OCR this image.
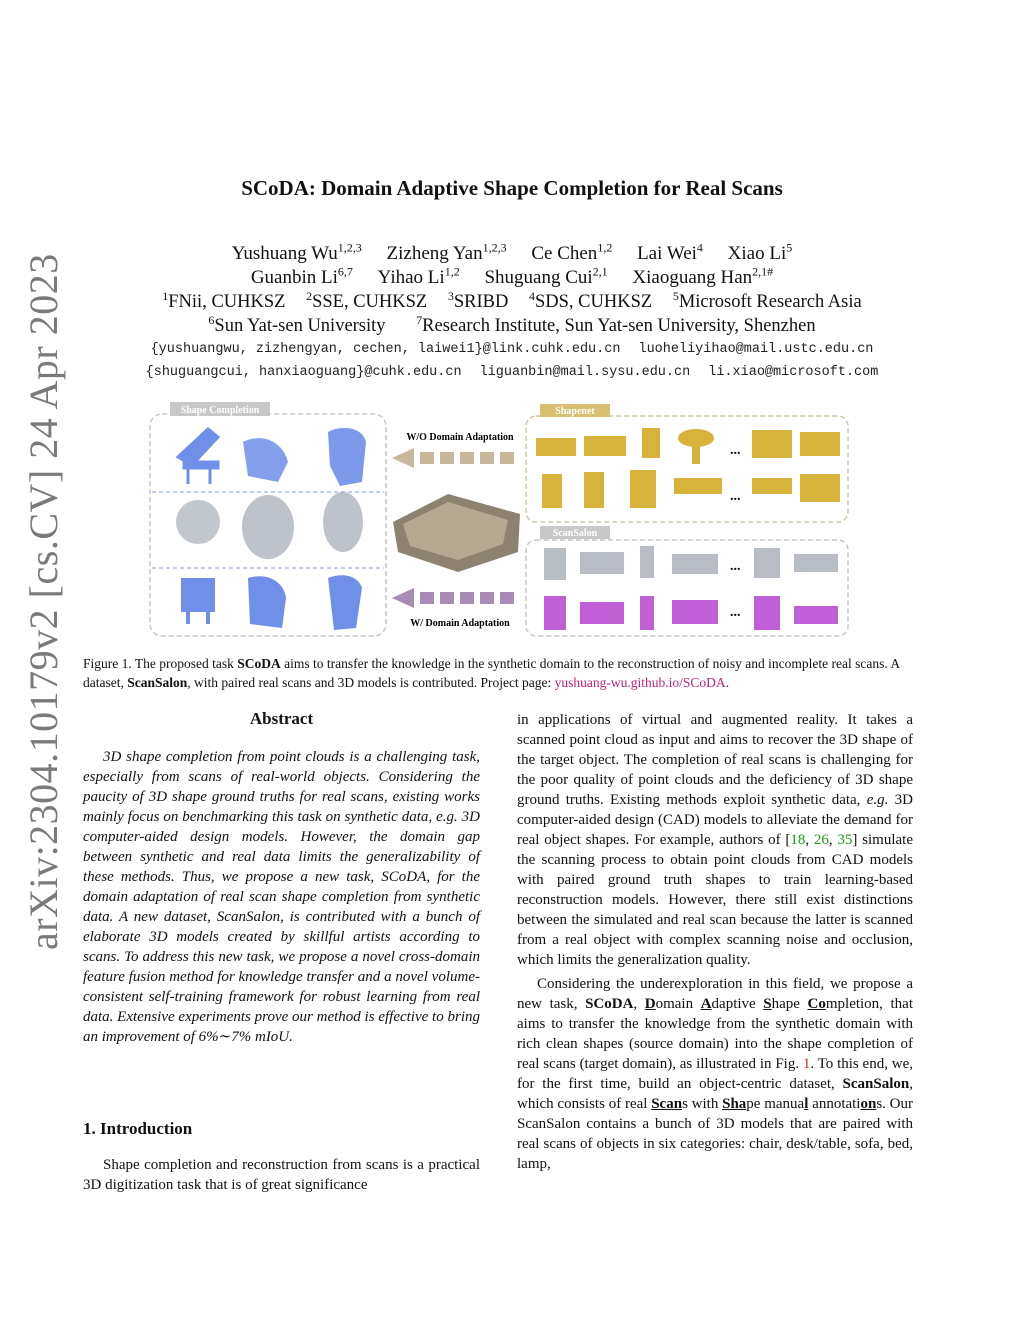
arXiv:2304.10179v2 [cs.CV] 24 Apr 2023
SCoDA: Domain Adaptive Shape Completion for Real Scans
Yushuang Wu$^{1,2,3}$ Zizheng Yan$^{1,2,3}$ Ce Chen$^{1,2}$ Lai Wei$^4$ Xiao Li$^5$
Guanbin Li$^{6,7}$ Yihao Li$^{1,2}$ Shuguang Cui$^{2,1}$ Xiaoguang Han$^{2,1\#}$
$^1$FNii, CUHKSZ $^2$SSE, CUHKSZ $^3$SRIBD $^4$SDS, CUHKSZ $^5$Microsoft Research Asia
$^6$Sun Yat-sen University	$^7$Research Institute, Sun Yat-sen University, Shenzhen
{yushuangwu, zizhengyan, cechen, laiwei1}@link.cuhk.edu.cn luoheliyihao@mail.ustc.edu.cn
{shuguangcui, hanxiaoguang}@cuhk.edu.cn liguanbin@mail.sysu.edu.cn li.xiao@microsoft.com
Shape Completion
W/O Domain Adaptation
W/ Domain Adaptation
Shapenet
...
...
ScanSalon
...
...
Figure 1. The proposed task SCoDA aims to transfer the knowledge in the synthetic domain to the reconstruction of noisy and incomplete real scans. A dataset, ScanSalon, with paired real scans and 3D models is contributed. Project page: yushuang-wu.github.io/SCoDA.
Abstract

3D shape completion from point clouds is a challenging task, especially from scans of real-world objects. Considering the paucity of 3D shape ground truths for real scans, existing works mainly focus on benchmarking this task on synthetic data, e.g. 3D computer-aided design models. However, the domain gap between synthetic and real data limits the generalizability of these methods. Thus, we propose a new task, SCoDA, for the domain adaptation of real scan shape completion from synthetic data. A new dataset, ScanSalon, is contributed with a bunch of elaborate 3D models created by skillful artists according to scans. To address this new task, we propose a novel cross-domain feature fusion method for knowledge transfer and a novel volume-consistent self-training framework for robust learning from real data. Extensive experiments prove our method is effective to bring an improvement of 6%∼7% mIoU.

1. Introduction

Shape completion and reconstruction from scans is a practical 3D digitization task that is of great significance

in applications of virtual and augmented reality. It takes a scanned point cloud as input and aims to recover the 3D shape of the target object. The completion of real scans is challenging for the poor quality of point clouds and the deficiency of 3D shape ground truths. Existing methods exploit synthetic data, e.g. 3D computer-aided design (CAD) models to alleviate the demand for real object shapes. For example, authors of [18, 26, 35] simulate the scanning process to obtain point clouds from CAD models with paired ground truth shapes to train learning-based reconstruction models. However, there still exist distinctions between the simulated and real scan because the latter is scanned from a real object with complex scanning noise and occlusion, which limits the generalization quality.

Considering the underexploration in this field, we propose a new task, SCoDA, Domain Adaptive Shape Completion, that aims to transfer the knowledge from the synthetic domain with rich clean shapes (source domain) into the shape completion of real scans (target domain), as illustrated in Fig. 1. To this end, we, for the first time, build an object-centric dataset, ScanSalon, which consists of real Scans with Shape manual annotations. Our ScanSalon contains a bunch of 3D models that are paired with real scans of objects in six categories: chair, desk/table, sofa, bed, lamp,
